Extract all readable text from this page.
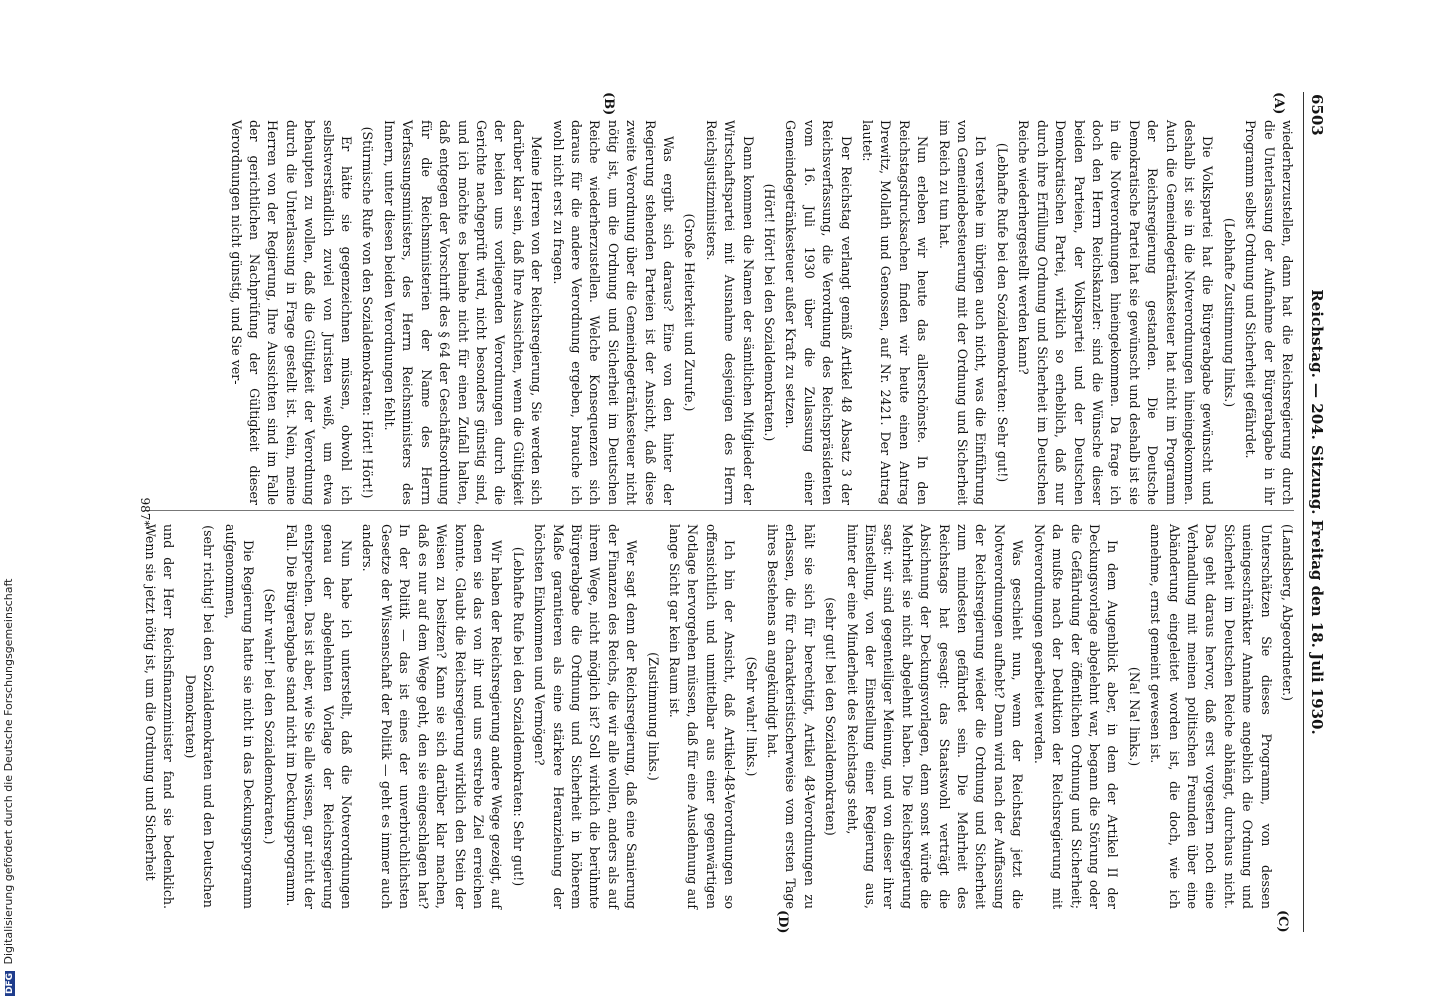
DFG Digitalisierung gefördert durch die Deutsche Forschungsgemeinschaft
6503
Reichstag. — 204. Sitzung. Freitag den 18. Juli 1930.
(A)
(B)
(C)
(D)

wiederherzustellen, dann hat die Reichsregierung durch die Unterlassung der Aufnahme der Bürgerabgabe in ihr Programm selbst Ordnung und Sicherheit gefährdet.

(Lebhafte Zustimmung links.)

Die Volkspartei hat die Bürgerabgabe gewünscht und deshalb ist sie in die Notverordnungen hineingekommen. Auch die Gemeindegetränkesteuer hat nicht im Programm der Reichsregierung gestanden. Die Deutsche Demokratische Partei hat sie gewünscht und deshalb ist sie in die Notverordnungen hineingekommen. Da frage ich doch den Herrn Reichskanzler: sind die Wünsche dieser beiden Parteien, der Volkspartei und der Deutschen Demokratischen Partei, wirklich so erheblich, daß nur durch ihre Erfüllung Ordnung und Sicherheit im Deutschen Reiche wiederhergestellt werden kann?

(Lebhafte Rufe bei den Sozialdemokraten: Sehr gut!)

Ich verstehe im übrigen auch nicht, was die Einführung von Gemeindebesteuerung mit der Ordnung und Sicherheit im Reich zu tun hat.

Nun erleben wir heute das allerschönste. In den Reichstagsdrucksachen finden wir heute einen Antrag Drewitz, Mollath und Genossen, auf Nr. 2421. Der Antrag lautet:

Der Reichstag verlangt gemäß Artikel 48 Absatz 3 der Reichsverfassung, die Verordnung des Reichspräsidenten vom 16. Juli 1930 über die Zulassung einer Gemeindegetränkesteuer außer Kraft zu setzen.

(Hört! Hört! bei den Sozialdemokraten.)

Dann kommen die Namen der sämtlichen Mitglieder der Wirtschaftspartei mit Ausnahme desjenigen des Herrn Reichsjustizministers.

(Große Heiterkeit und Zurufe.)

Was ergibt sich daraus? Eine von den hinter der Regierung stehenden Parteien ist der Ansicht, daß diese zweite Verordnung über die Gemeindegetränkesteuer nicht nötig ist, um die Ordnung und Sicherheit im Deutschen Reiche wiederherzustellen. Welche Konsequenzen sich daraus für die andere Verordnung ergeben, brauche ich wohl nicht erst zu fragen.

Meine Herren von der Reichsregierung, Sie werden sich darüber klar sein, daß Ihre Aussichten, wenn die Gültigkeit der beiden uns vorliegenden Verordnungen durch die Gerichte nachgeprüft wird, nicht besonders günstig sind, und ich möchte es beinahe nicht für einen Zufall halten, daß entgegen der Vorschrift des § 64 der Geschäftsordnung für die Reichsministerien der Name des Herrn Verfassungsministers, des Herrn Reichsministers des Innern, unter diesen beiden Verordnungen fehlt.

(Stürmische Rufe von den Sozialdemokraten: Hört! Hört!)

Er hätte sie gegenzeichnen müssen, obwohl ich selbstverständlich zuviel von Juristen weiß, um etwa behaupten zu wollen, daß die Gültigkeit der Verordnung durch die Unterlassung in Frage gestellt ist. Nein, meine Herren von der Regierung, Ihre Aussichten sind im Falle der gerichtlichen Nachprüfung der Gültigkeit dieser Verordnungen nicht günstig, und Sie ver-

(Landsberg, Abgeordneter.)

Unterschätzen Sie dieses Programm, von dessen uneingeschränkter Annahme angeblich die Ordnung und Sicherheit im Deutschen Reiche abhängt, durchaus nicht. Das geht daraus hervor, daß erst vorgestern noch eine Verhandlung mit meinen politischen Freunden über eine Abänderung eingeleitet worden ist, die doch, wie ich annehme, ernst gemeint gewesen ist.

(Na! Na! links.)

In dem Augenblick aber, in dem der Artikel II der Deckungsvorlage abgelehnt war, begann die Störung oder die Gefährdung der öffentlichen Ordnung und Sicherheit; da mußte nach der Deduktion der Reichsregierung mit Notverordnungen gearbeitet werden.

Was geschieht nun, wenn der Reichstag jetzt die Notverordnungen aufhebt? Dann wird nach der Auffassung der Reichsregierung wieder die Ordnung und Sicherheit zum mindesten gefährdet sein. Die Mehrheit des Reichstags hat gesagt: das Staatswohl verträgt die Absichnung der Deckungsvorlagen, denn sonst würde die Mehrheit sie nicht abgelehnt haben. Die Reichsregierung sagt: wir sind gegenteiliger Meinung, und von dieser ihrer Einstellung, von der Einstellung einer Regierung aus, hinter der eine Minderheit des Reichstags steht,

(sehr gut! bei den Sozialdemokraten)

hält sie sich für berechtigt, Artikel 48-Verordnungen zu erlassen, die für charakteristischerweise vom ersten Tage ihres Bestehens an angekündigt hat.

(Sehr wahr! links.)

Ich bin der Ansicht, daß Artikel-48-Verordnungen so offensichtlich und unmittelbar aus einer gegenwärtigen Notlage hervorgehen müssen, daß für eine Ausdehnung auf lange Sicht gar kein Raum ist.

(Zustimmung links.)

Wer sagt denn der Reichsregierung, daß eine Sanierung der Finanzen des Reichs, die wir alle wollen, anders als auf ihrem Wege, nicht möglich ist? Soll wirklich die berühmte Bürgerabgabe die Ordnung und Sicherheit in höherem Maße garantieren als eine stärkere Heranziehung der höchsten Einkommen und Vermögen?

(Lebhafte Rufe bei den Sozialdemokraten: Sehr gut!)

Wir haben der Reichsregierung andere Wege gezeigt, auf denen sie das von ihr und uns erstrebte Ziel erreichen konnte. Glaubt die Reichsregierung wirklich den Stein der Weisen zu besitzen? Kann sie sich darüber klar machen, daß es nur auf dem Wege geht, den sie eingeschlagen hat? In der Politik — das ist eines der unverbrüchlichsten Gesetze der Wissenschaft der Politik — geht es immer auch anders.

Nun habe ich unterstellt, daß die Notverordnungen genau der abgelehnten Vorlage der Reichsregierung entsprechen. Das ist aber, wie Sie alle wissen, gar nicht der Fall. Die Bürgerabgabe stand nicht im Deckungsprogramm.

(Sehr wahr! bei den Sozialdemokraten.)

Die Regierung hatte sie nicht in das Deckungsprogramm aufgenommen,

(sehr richtig! bei den Sozialdemokraten und den Deutschen Demokraten)

und der Herr Reichsfinanzminister fand sie bedenklich. Wenn sie jetzt nötig ist, um die Ordnung und Sicherheit

987*
